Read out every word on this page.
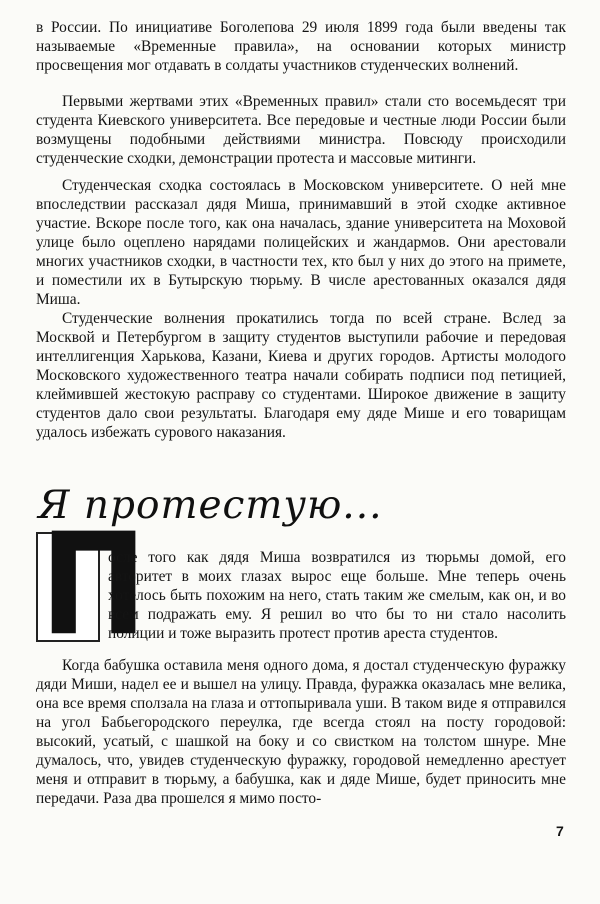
в России. По инициативе Боголепова 29 июля 1899 года были введены так называемые «Временные правила», на основании которых министр просвещения мог отдавать в солдаты участников студенческих волнений.

Первыми жертвами этих «Временных правил» стали сто восемьдесят три студента Киевского университета. Все передовые и честные люди России были возмущены подобными действиями министра. Повсюду происходили студенческие сходки, демонстрации протеста и массовые митинги.

Студенческая сходка состоялась в Московском университете. О ней мне впоследствии рассказал дядя Миша, принимавший в этой сходке активное участие. Вскоре после того, как она началась, здание университета на Моховой улице было оцеплено нарядами полицейских и жандармов. Они арестовали многих участников сходки, в частности тех, кто был у них до этого на примете, и поместили их в Бутырскую тюрьму. В числе арестованных оказался дядя Миша.

Студенческие волнения прокатились тогда по всей стране. Вслед за Москвой и Петербургом в защиту студентов выступили рабочие и передовая интеллигенция Харькова, Казани, Киева и других городов. Артисты молодого Московского художественного театра начали собирать подписи под петицией, клеймившей жестокую расправу со студентами. Широкое движение в защиту студентов дало свои результаты. Благодаря ему дяде Мише и его товарищам удалось избежать сурового наказания.

Я протестую...
П

осле того как дядя Миша возвратился из тюрьмы домой, его авторитет в моих глазах вырос еще больше. Мне теперь очень хотелось быть похожим на него, стать таким же смелым, как он, и во всем подражать ему. Я решил во что бы то ни стало насолить полиции и тоже выразить протест против ареста студентов.

Когда бабушка оставила меня одного дома, я достал студенческую фуражку дяди Миши, надел ее и вышел на улицу. Правда, фуражка оказалась мне велика, она все время сползала на глаза и оттопыривала уши. В таком виде я отправился на угол Бабьегородского переулка, где всегда стоял на посту городовой: высокий, усатый, с шашкой на боку и со свистком на толстом шнуре. Мне думалось, что, увидев студенческую фуражку, городовой немедленно арестует меня и отправит в тюрьму, а бабушка, как и дяде Мише, будет приносить мне передачи. Раза два прошелся я мимо посто-

7
